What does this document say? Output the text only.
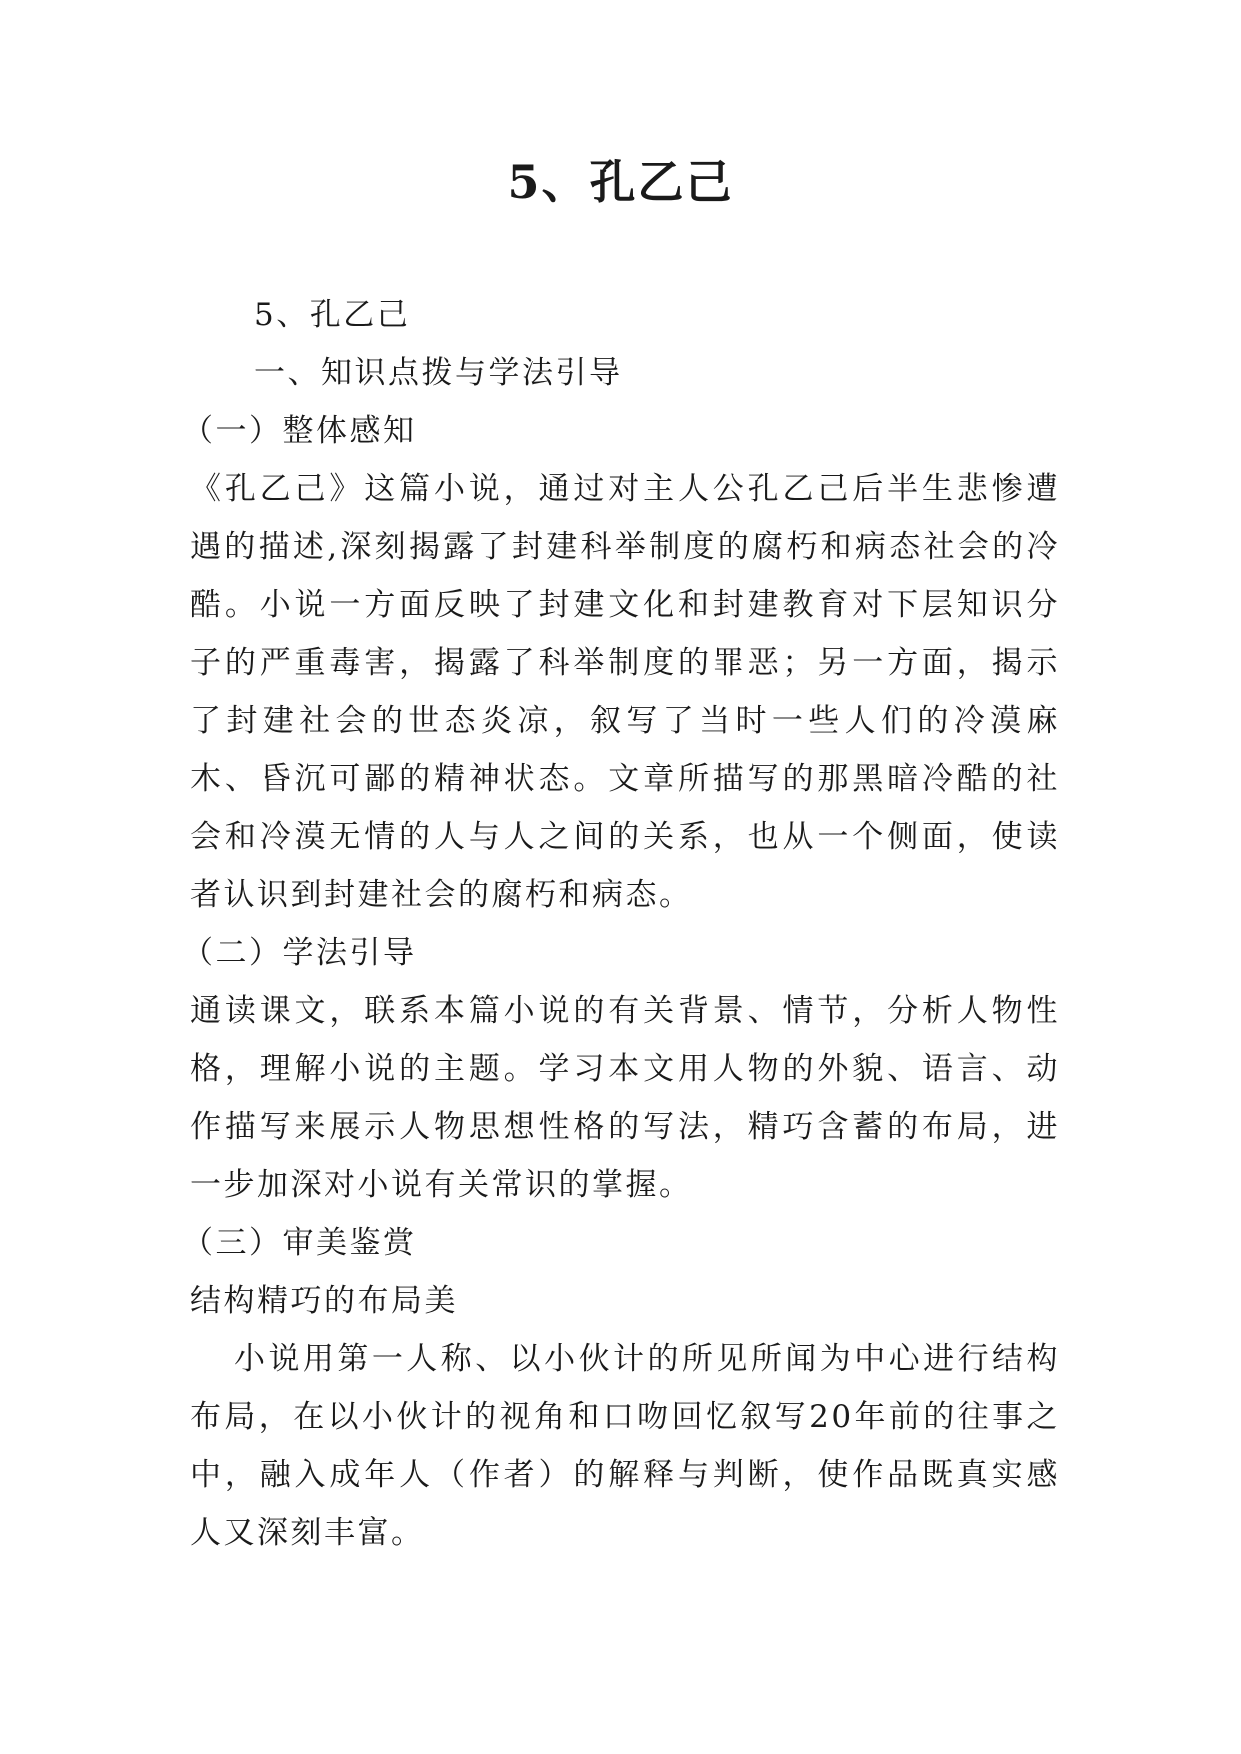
5、孔乙己

5、孔乙己

一、知识点拨与学法引导

（一）整体感知

《孔乙己》这篇小说，通过对主人公孔乙己后半生悲惨遭遇的描述,深刻揭露了封建科举制度的腐朽和病态社会的冷酷。小说一方面反映了封建文化和封建教育对下层知识分子的严重毒害，揭露了科举制度的罪恶；另一方面，揭示了封建社会的世态炎凉，叙写了当时一些人们的冷漠麻木、昏沉可鄙的精神状态。文章所描写的那黑暗冷酷的社会和冷漠无情的人与人之间的关系，也从一个侧面，使读者认识到封建社会的腐朽和病态。

（二）学法引导

通读课文，联系本篇小说的有关背景、情节，分析人物性格，理解小说的主题。学习本文用人物的外貌、语言、动作描写来展示人物思想性格的写法，精巧含蓄的布局，进一步加深对小说有关常识的掌握。

（三）审美鉴赏

结构精巧的布局美

小说用第一人称、以小伙计的所见所闻为中心进行结构布局，在以小伙计的视角和口吻回忆叙写20年前的往事之中，融入成年人（作者）的解释与判断，使作品既真实感人又深刻丰富。
